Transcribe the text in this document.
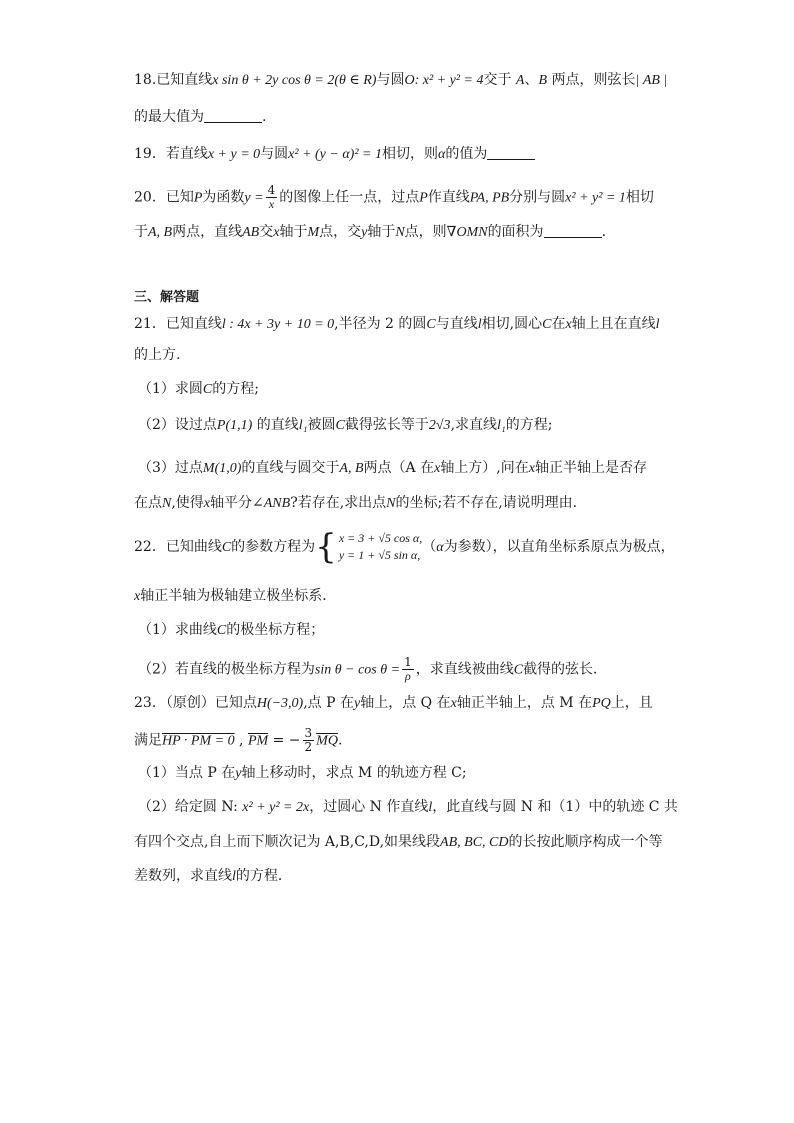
18.已知直线x sin θ + 2y cos θ = 2(θ ∈ R)与圆O: x² + y² = 4交于 A、B 两点，则弦长| AB |
的最大值为	.
19．若直线x + y = 0与圆x² + (y − α)² = 1相切，则α的值为
20．已知P为函数$y = \frac{4}{x}$ 的图像上任一点，过点P作直线PA, PB分别与圆x² + y² = 1相切
于A, B两点，直线AB交x轴于M点，交y轴于N点，则∇OMN的面积为	.
三、解答题
21．已知直线l : 4x + 3y + 10 = 0,半径为 2 的圆C与直线l相切,圆心C在x轴上且在直线l
的上方.
（1）求圆C的方程;
（2）设过点P(1,1) 的直线l₁被圆C截得弦长等于2√3,求直线l₁的方程;
（3）过点M(1,0)的直线与圆交于A, B两点（A 在x轴上方）,问在x轴正半轴上是否存
在点N,使得x轴平分∠ANB?若存在,求出点N的坐标;若不存在,请说明理由.
22．已知曲线C的参数方程为 { x = 3 + √5 cos α,
y = 1 + √5 sin α, （α为参数），以直角坐标系原点为极点，
x轴正半轴为极轴建立极坐标系．
（1）求曲线C的极坐标方程；
（2）若直线的极坐标方程为$\sin \theta - \cos \theta = \frac{1}{\rho}$ ，求直线被曲线C截得的弦长．
23．（原创）已知点H(−3,0),点 P 在y轴上，点 Q 在x轴正半轴上，点 M 在PQ上，且
满足HP · PM = 0 , $\overline{PM}$ = − $\frac{3}{2} \overline{MQ}$.
（1）当点 P 在y轴上移动时，求点 M 的轨迹方程 C;
（2）给定圆 N: x² + y² = 2x，过圆心 N 作直线l，此直线与圆 N 和（1）中的轨迹 C 共
有四个交点,自上而下顺次记为 A,B,C,D,如果线段AB, BC, CD的长按此顺序构成一个等
差数列，求直线l的方程．
